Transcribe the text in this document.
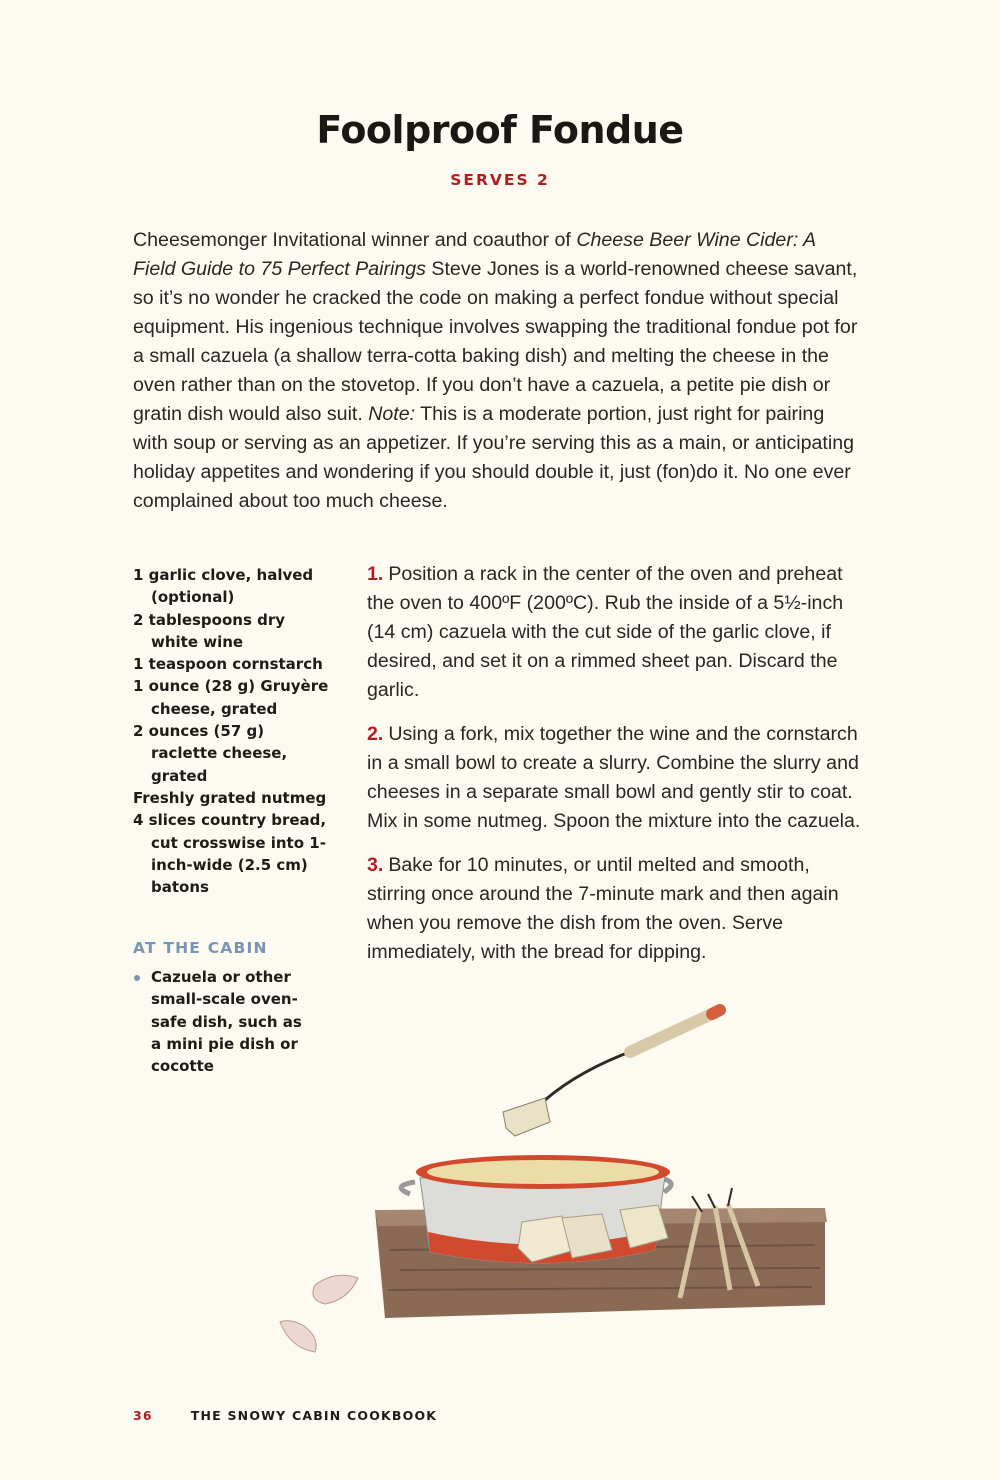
Foolproof Fondue
SERVES 2

Cheesemonger Invitational winner and coauthor of Cheese Beer Wine Cider: A Field Guide to 75 Perfect Pairings Steve Jones is a world-renowned cheese savant, so it’s no wonder he cracked the code on making a perfect fondue without special equipment. His ingenious technique involves swapping the traditional fondue pot for a small cazuela (a shallow terra-cotta baking dish) and melting the cheese in the oven rather than on the stovetop. If you don’t have a cazuela, a petite pie dish or gratin dish would also suit. Note: This is a moderate portion, just right for pairing with soup or serving as an appetizer. If you’re serving this as a main, or anticipating holiday appetites and wondering if you should double it, just (fon)do it. No one ever complained about too much cheese.

1 garlic clove, halved (optional)
2 tablespoons dry white wine
1 teaspoon cornstarch
1 ounce (28 g) Gruyère cheese, grated
2 ounces (57 g) raclette cheese, grated
Freshly grated nutmeg
4 slices country bread, cut crosswise into 1-inch-wide (2.5 cm) batons
AT THE CABIN
Cazuela or other small-scale oven-safe dish, such as a mini pie dish or cocotte

1. Position a rack in the center of the oven and preheat the oven to 400ºF (200ºC). Rub the inside of a 5½-inch (14 cm) cazuela with the cut side of the garlic clove, if desired, and set it on a rimmed sheet pan. Discard the garlic.

2. Using a fork, mix together the wine and the cornstarch in a small bowl to create a slurry. Combine the slurry and cheeses in a separate small bowl and gently stir to coat. Mix in some nutmeg. Spoon the mixture into the cazuela.

3. Bake for 10 minutes, or until melted and smooth, stirring once around the 7-minute mark and then again when you remove the dish from the oven. Serve immediately, with the bread for dipping.

36	THE SNOWY CABIN COOKBOOK
